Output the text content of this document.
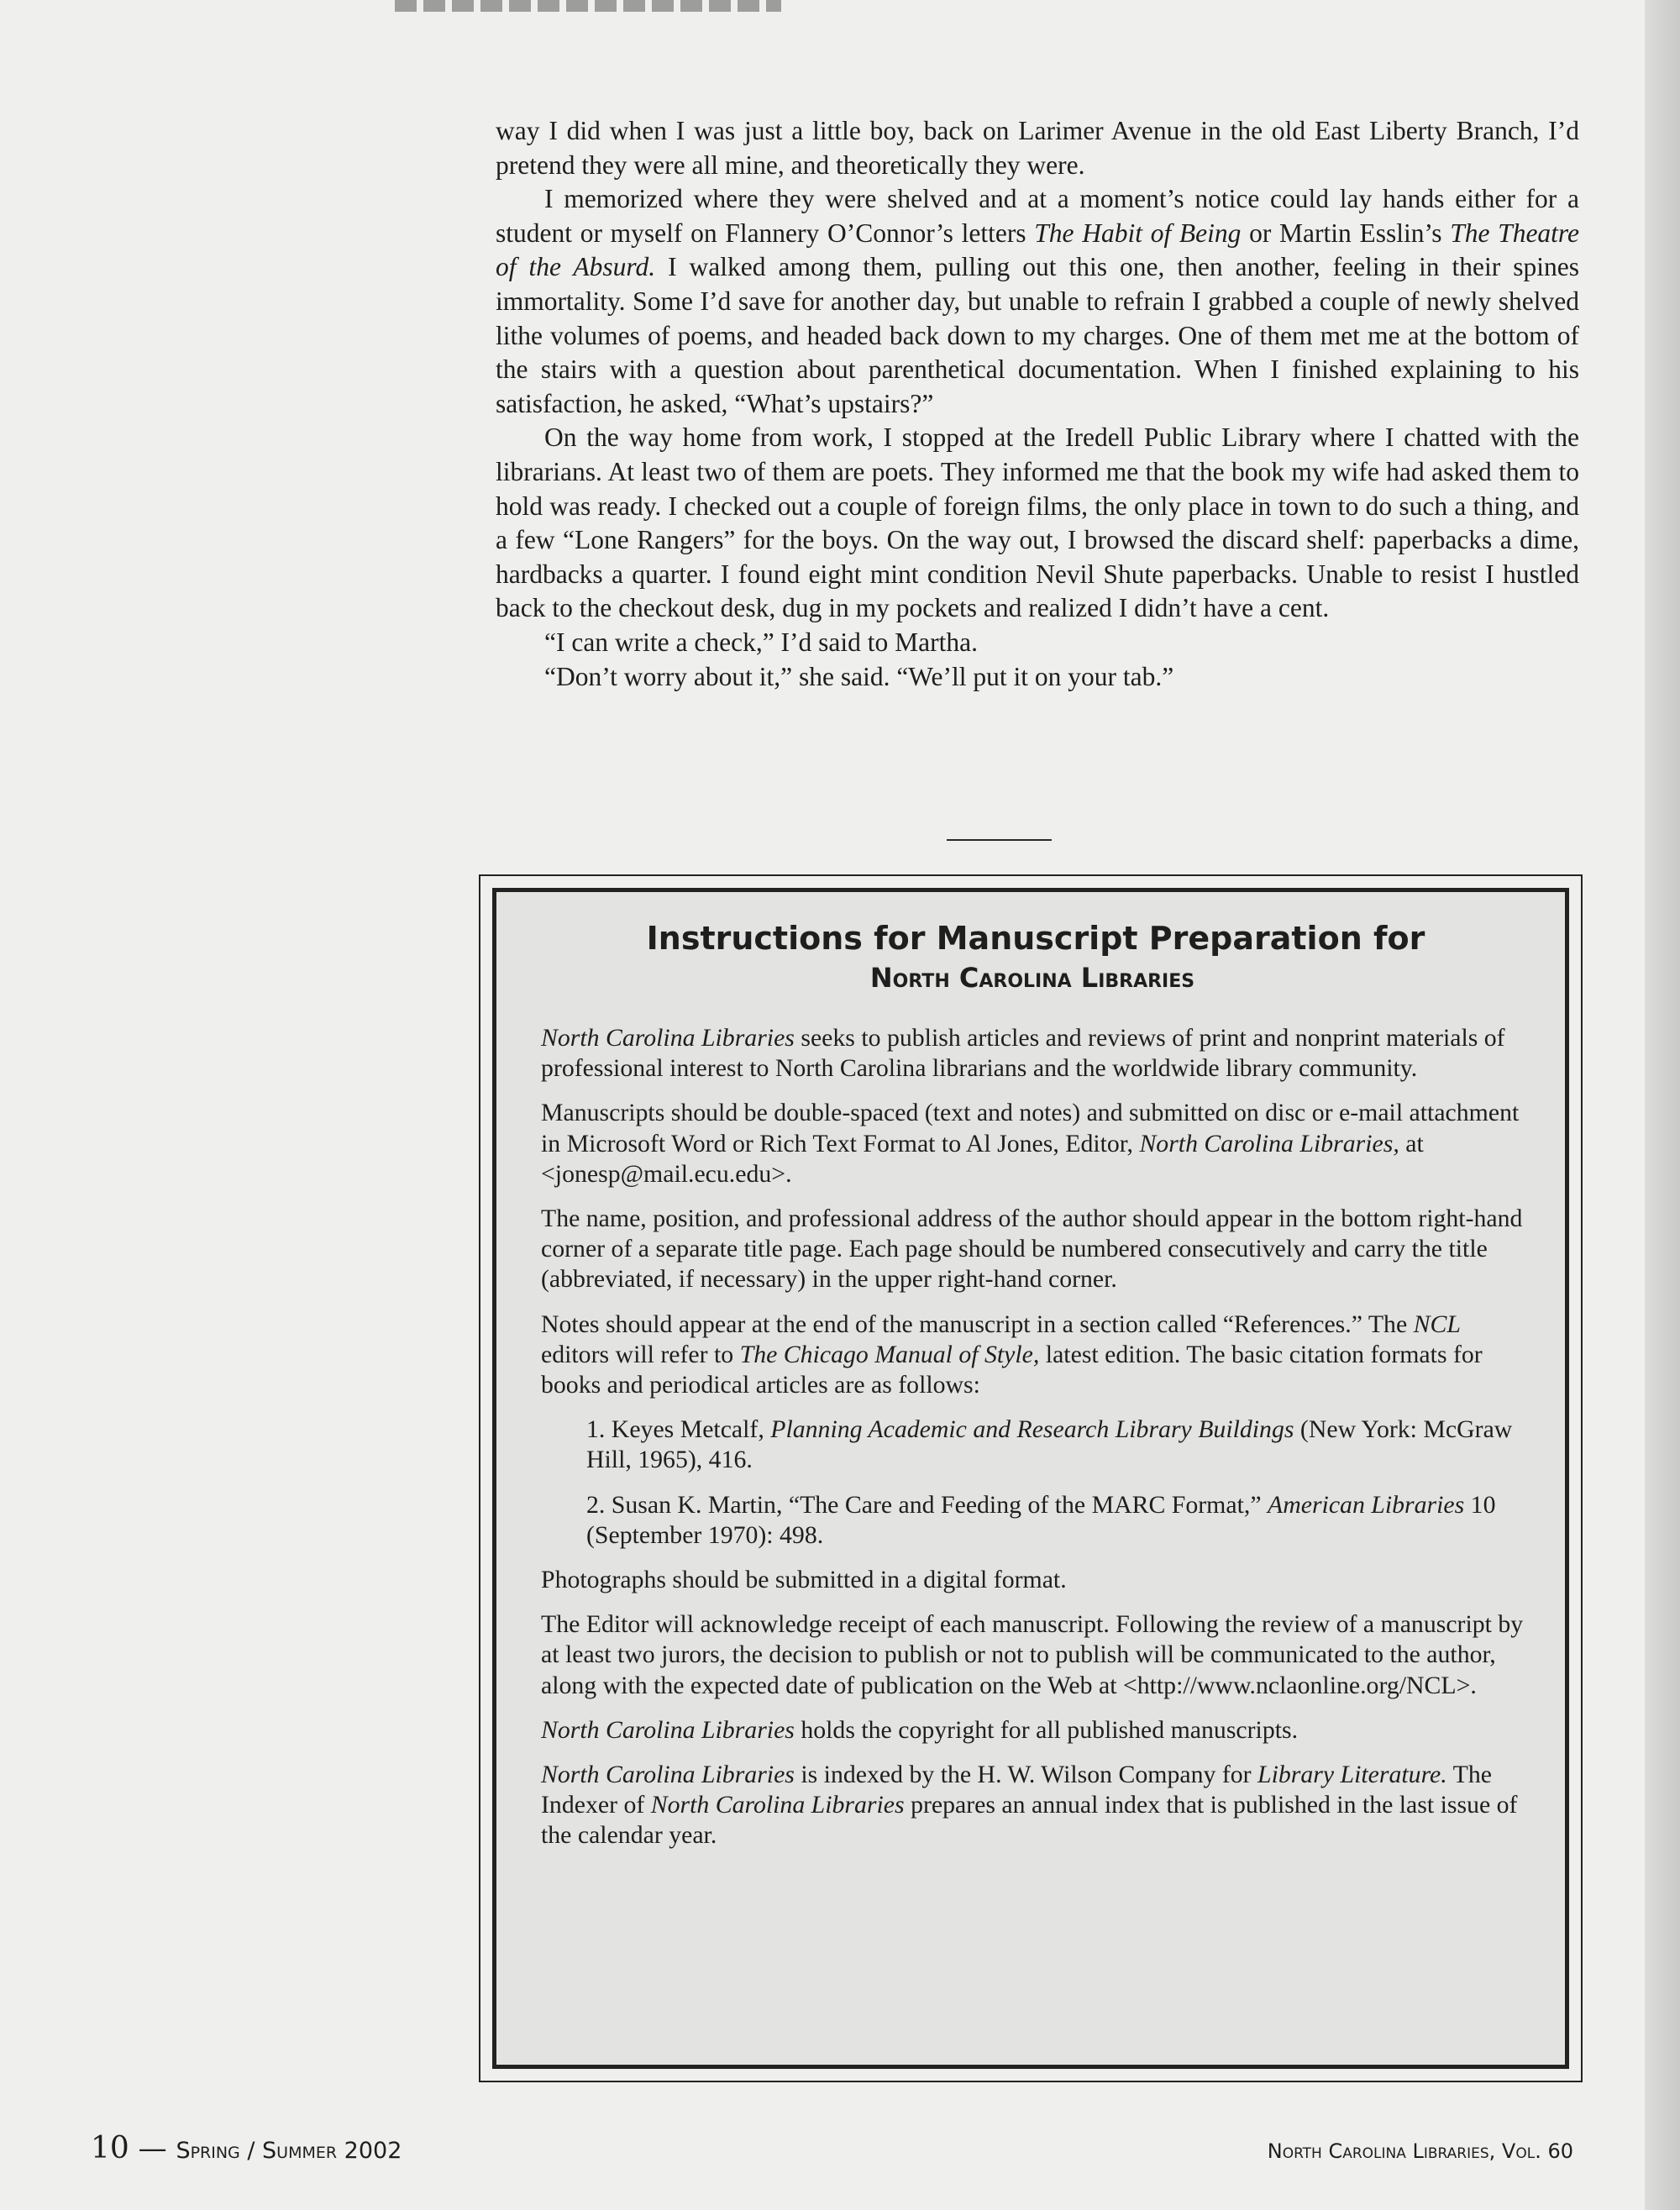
way I did when I was just a little boy, back on Larimer Avenue in the old East Liberty Branch, I’d pretend they were all mine, and theoretically they were.

I memorized where they were shelved and at a moment’s notice could lay hands either for a student or myself on Flannery O’Connor’s letters The Habit of Being or Martin Esslin’s The Theatre of the Absurd. I walked among them, pulling out this one, then another, feeling in their spines immortality. Some I’d save for another day, but unable to refrain I grabbed a couple of newly shelved lithe volumes of poems, and headed back down to my charges. One of them met me at the bottom of the stairs with a question about parenthetical documentation. When I finished explaining to his satisfaction, he asked, “What’s upstairs?”

On the way home from work, I stopped at the Iredell Public Library where I chatted with the librarians. At least two of them are poets. They informed me that the book my wife had asked them to hold was ready. I checked out a couple of foreign films, the only place in town to do such a thing, and a few “Lone Rangers” for the boys. On the way out, I browsed the discard shelf: paperbacks a dime, hardbacks a quarter. I found eight mint condition Nevil Shute paperbacks. Unable to resist I hustled back to the checkout desk, dug in my pockets and realized I didn’t have a cent.

“I can write a check,” I’d said to Martha.

“Don’t worry about it,” she said. “We’ll put it on your tab.”

Instructions for Manuscript Preparation for
North Carolina Libraries

North Carolina Libraries seeks to publish articles and reviews of print and nonprint materials of professional interest to North Carolina librarians and the worldwide library community.

Manuscripts should be double-spaced (text and notes) and submitted on disc or e-mail attachment in Microsoft Word or Rich Text Format to Al Jones, Editor, North Carolina Libraries, at <jonesp@mail.ecu.edu>.

The name, position, and professional address of the author should appear in the bottom right-hand corner of a separate title page. Each page should be numbered consecutively and carry the title (abbreviated, if necessary) in the upper right-hand corner.

Notes should appear at the end of the manuscript in a section called “References.” The NCL editors will refer to The Chicago Manual of Style, latest edition. The basic citation formats for books and periodical articles are as follows:

1. Keyes Metcalf, Planning Academic and Research Library Buildings (New York: McGraw Hill, 1965), 416.

2. Susan K. Martin, “The Care and Feeding of the MARC Format,” American Libraries 10 (September 1970): 498.

Photographs should be submitted in a digital format.

The Editor will acknowledge receipt of each manuscript. Following the review of a manuscript by at least two jurors, the decision to publish or not to publish will be communicated to the author, along with the expected date of publication on the Web at <http://www.nclaonline.org/NCL>.

North Carolina Libraries holds the copyright for all published manuscripts.

North Carolina Libraries is indexed by the H. W. Wilson Company for Library Literature. The Indexer of North Carolina Libraries prepares an annual index that is published in the last issue of the calendar year.

10 — Spring / Summer 2002	North Carolina Libraries, Vol. 60
